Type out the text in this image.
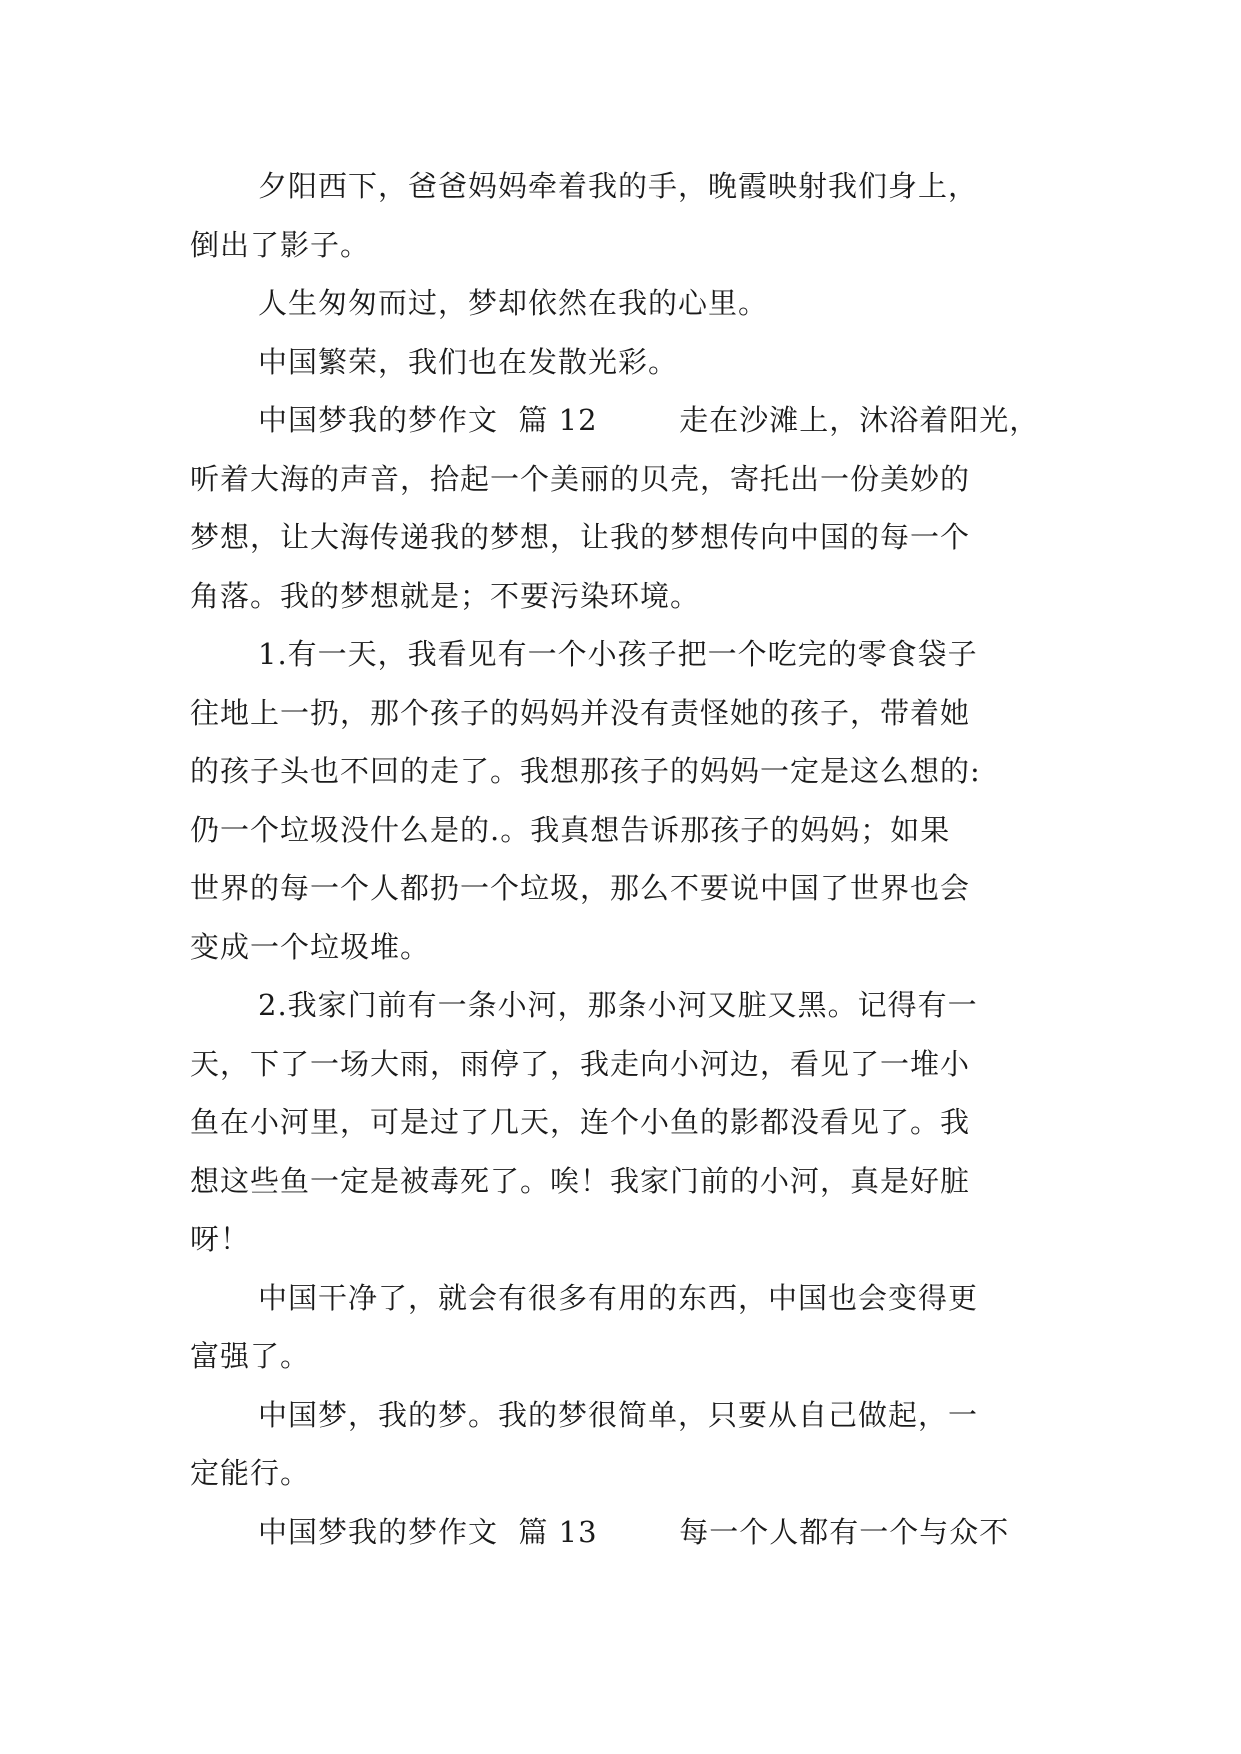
夕阳西下，爸爸妈妈牵着我的手，晚霞映射我们身上，
倒出了影子。
人生匆匆而过，梦却依然在我的心里。
中国繁荣，我们也在发散光彩。
中国梦我的梦作文  篇 12        走在沙滩上，沐浴着阳光，
听着大海的声音，拾起一个美丽的贝壳，寄托出一份美妙的
梦想，让大海传递我的梦想，让我的梦想传向中国的每一个
角落。我的梦想就是；不要污染环境。
1.有一天，我看见有一个小孩子把一个吃完的零食袋子
往地上一扔，那个孩子的妈妈并没有责怪她的孩子，带着她
的孩子头也不回的走了。我想那孩子的妈妈一定是这么想的:
仍一个垃圾没什么是的.。我真想告诉那孩子的妈妈；如果
世界的每一个人都扔一个垃圾，那么不要说中国了世界也会
变成一个垃圾堆。
2.我家门前有一条小河，那条小河又脏又黑。记得有一
天，下了一场大雨，雨停了，我走向小河边，看见了一堆小
鱼在小河里，可是过了几天，连个小鱼的影都没看见了。我
想这些鱼一定是被毒死了。唉！我家门前的小河，真是好脏
呀！
中国干净了，就会有很多有用的东西，中国也会变得更
富强了。
中国梦，我的梦。我的梦很简单，只要从自己做起，一
定能行。
中国梦我的梦作文  篇 13        每一个人都有一个与众不
